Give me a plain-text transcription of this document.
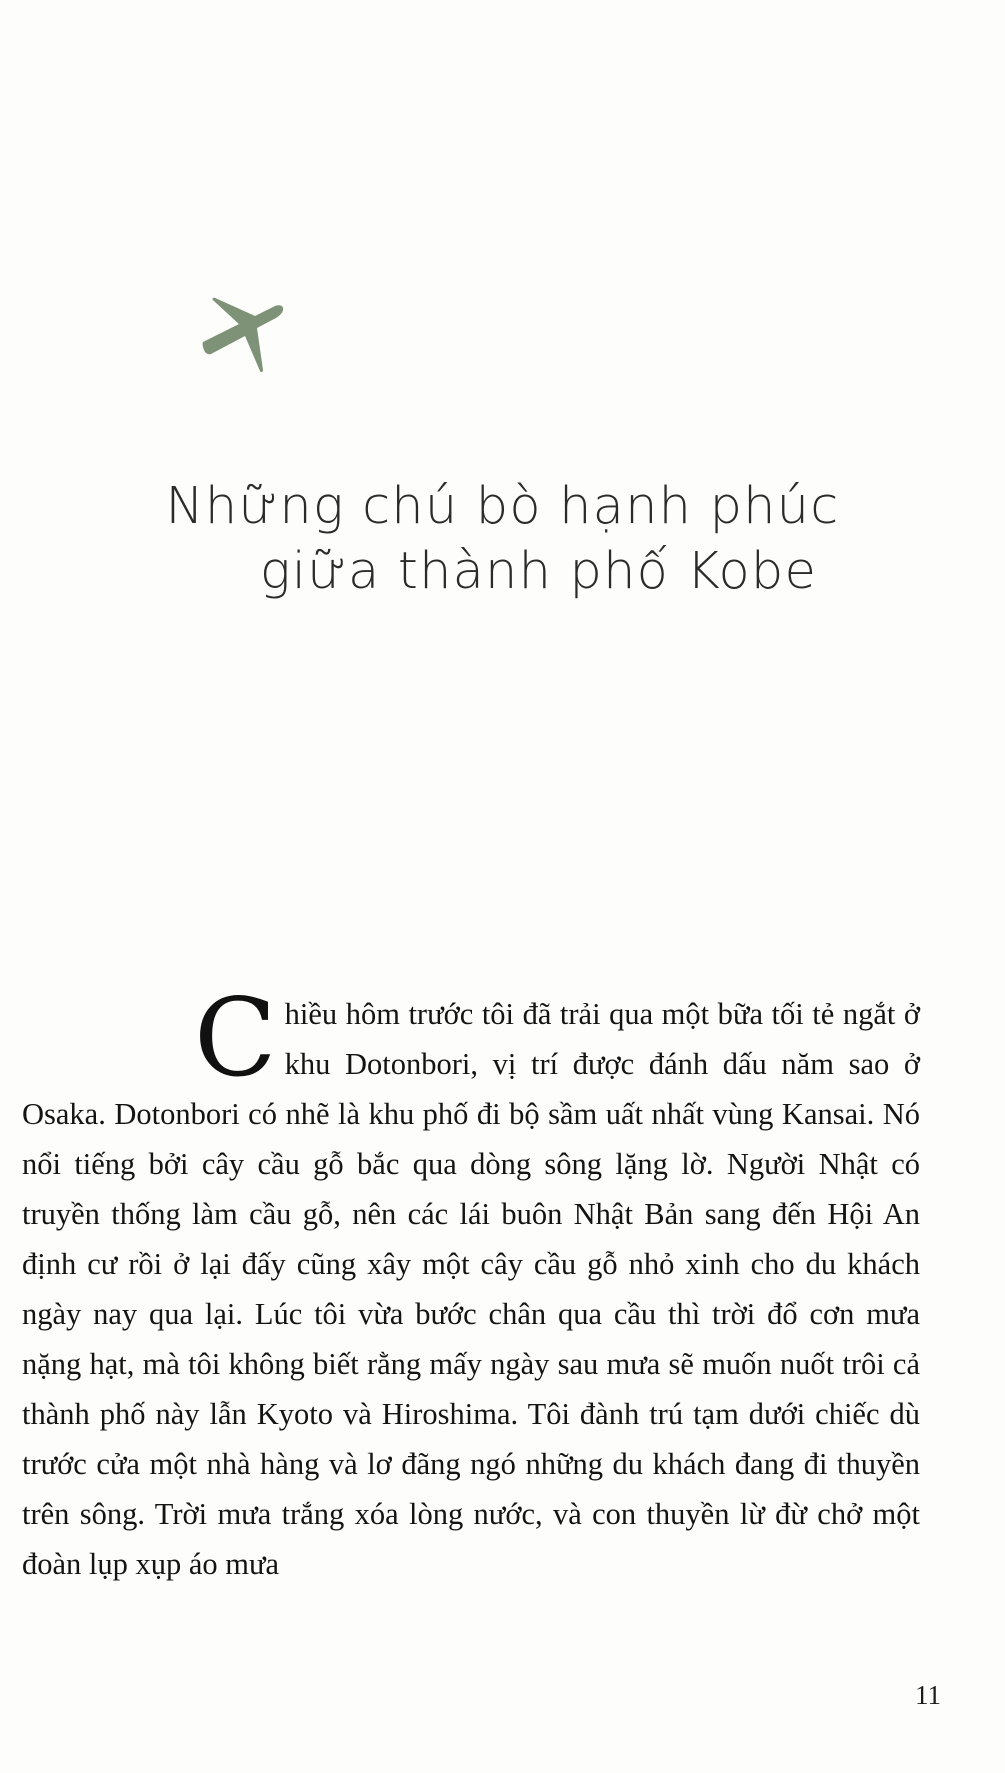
Những chú bò hạnh phúc
giữa thành phố Kobe

Chiều hôm trước tôi đã trải qua một bữa tối tẻ ngắt ở khu Dotonbori, vị trí được đánh dấu năm sao ở Osaka. Dotonbori có nhẽ là khu phố đi bộ sầm uất nhất vùng Kansai. Nó nổi tiếng bởi cây cầu gỗ bắc qua dòng sông lặng lờ. Người Nhật có truyền thống làm cầu gỗ, nên các lái buôn Nhật Bản sang đến Hội An định cư rồi ở lại đấy cũng xây một cây cầu gỗ nhỏ xinh cho du khách ngày nay qua lại. Lúc tôi vừa bước chân qua cầu thì trời đổ cơn mưa nặng hạt, mà tôi không biết rằng mấy ngày sau mưa sẽ muốn nuốt trôi cả thành phố này lẫn Kyoto và Hiroshima. Tôi đành trú tạm dưới chiếc dù trước cửa một nhà hàng và lơ đãng ngó những du khách đang đi thuyền trên sông. Trời mưa trắng xóa lòng nước, và con thuyền lừ đừ chở một đoàn lụp xụp áo mưa

11
